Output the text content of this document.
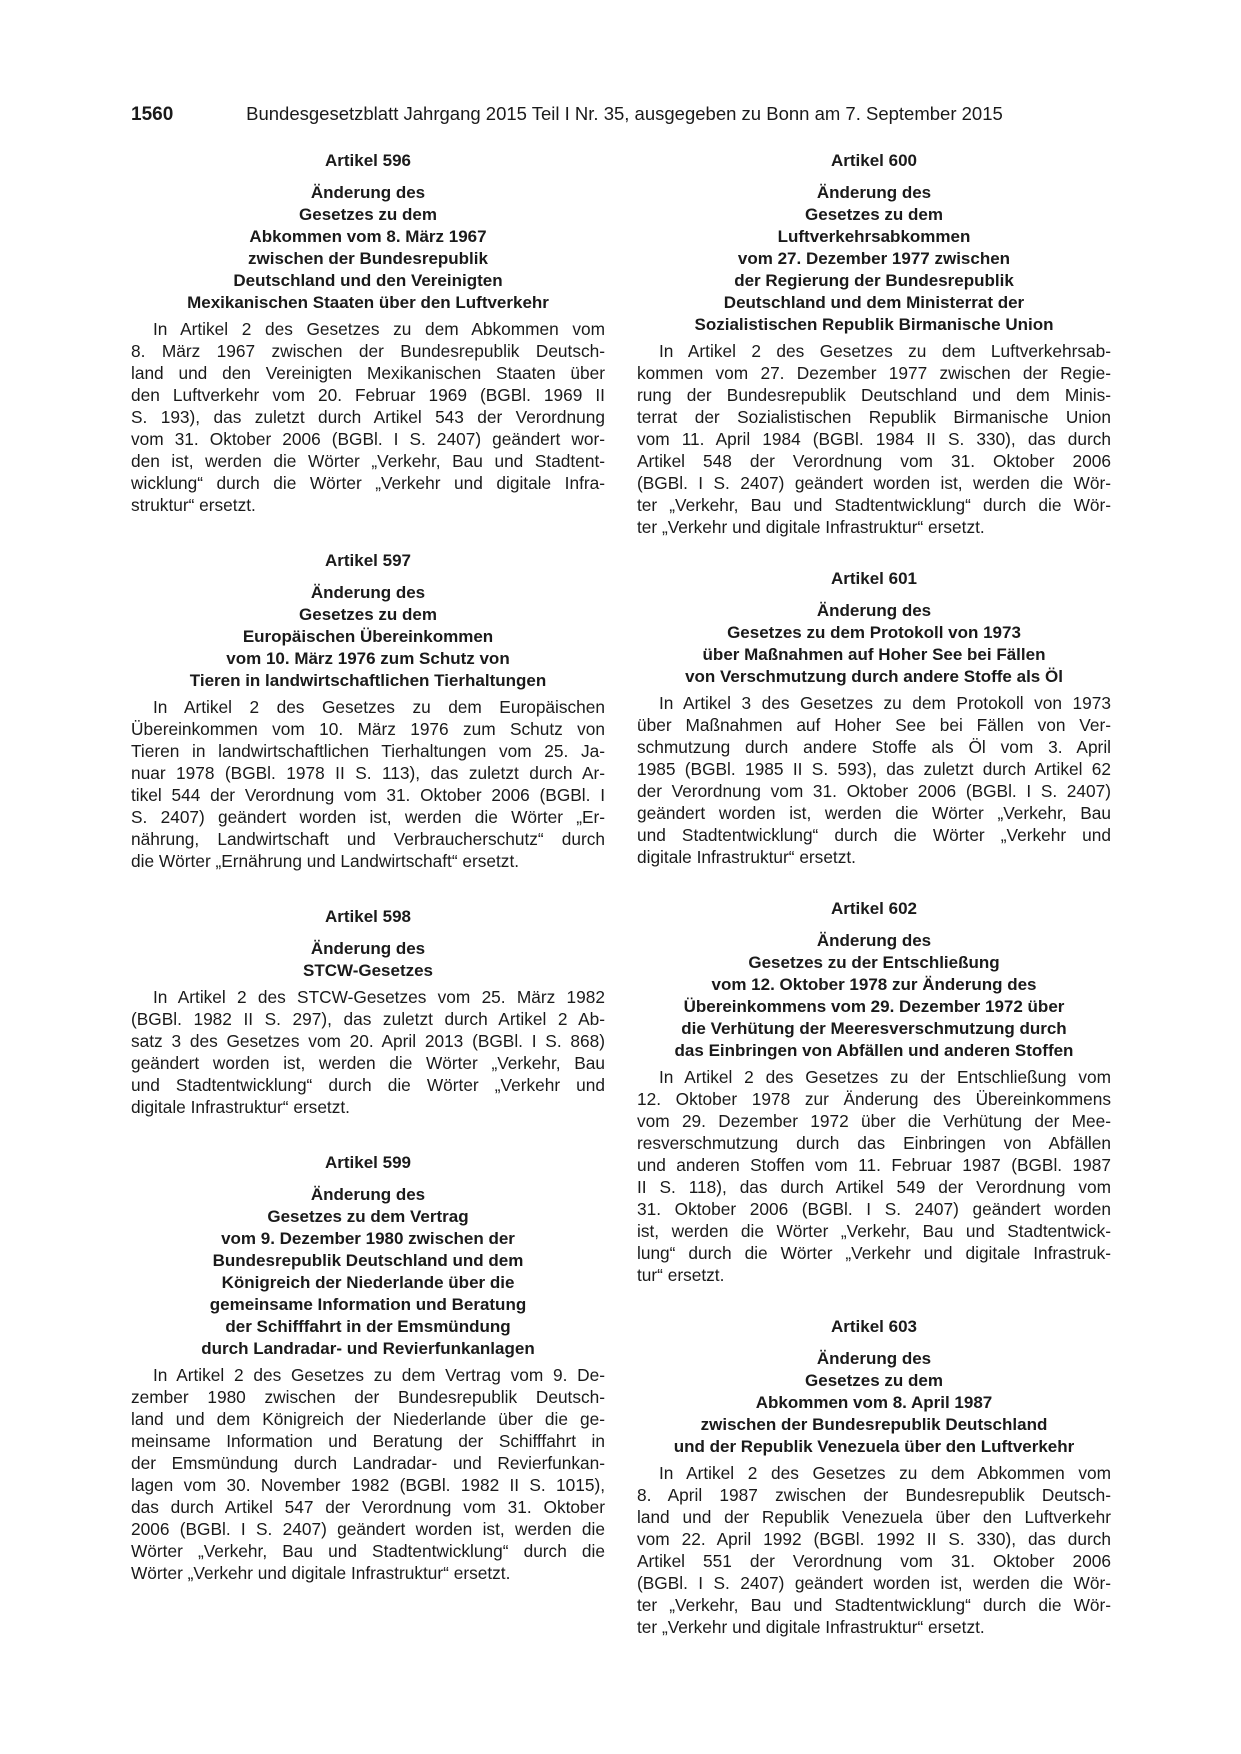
1560	Bundesgesetzblatt Jahrgang 2015 Teil I Nr. 35, ausgegeben zu Bonn am 7. September 2015
Artikel 596
Änderung des
Gesetzes zu dem
Abkommen vom 8. März 1967
zwischen der Bundesrepublik
Deutschland und den Vereinigten
Mexikanischen Staaten über den Luftverkehr
In Artikel 2 des Gesetzes zu dem Abkommen vom
8. März 1967 zwischen der Bundesrepublik Deutsch-
land und den Vereinigten Mexikanischen Staaten über
den Luftverkehr vom 20. Februar 1969 (BGBl. 1969 II
S. 193), das zuletzt durch Artikel 543 der Verordnung
vom 31. Oktober 2006 (BGBl. I S. 2407) geändert wor-
den ist, werden die Wörter „Verkehr, Bau und Stadtent-
wicklung“ durch die Wörter „Verkehr und digitale Infra-
struktur“ ersetzt.
Artikel 597
Änderung des
Gesetzes zu dem
Europäischen Übereinkommen
vom 10. März 1976 zum Schutz von
Tieren in landwirtschaftlichen Tierhaltungen
In Artikel 2 des Gesetzes zu dem Europäischen
Übereinkommen vom 10. März 1976 zum Schutz von
Tieren in landwirtschaftlichen Tierhaltungen vom 25. Ja-
nuar 1978 (BGBl. 1978 II S. 113), das zuletzt durch Ar-
tikel 544 der Verordnung vom 31. Oktober 2006 (BGBl. I
S. 2407) geändert worden ist, werden die Wörter „Er-
nährung, Landwirtschaft und Verbraucherschutz“ durch
die Wörter „Ernährung und Landwirtschaft“ ersetzt.
Artikel 598
Änderung des
STCW-Gesetzes
In Artikel 2 des STCW-Gesetzes vom 25. März 1982
(BGBl. 1982 II S. 297), das zuletzt durch Artikel 2 Ab-
satz 3 des Gesetzes vom 20. April 2013 (BGBl. I S. 868)
geändert worden ist, werden die Wörter „Verkehr, Bau
und Stadtentwicklung“ durch die Wörter „Verkehr und
digitale Infrastruktur“ ersetzt.
Artikel 599
Änderung des
Gesetzes zu dem Vertrag
vom 9. Dezember 1980 zwischen der
Bundesrepublik Deutschland und dem
Königreich der Niederlande über die
gemeinsame Information und Beratung
der Schifffahrt in der Emsmündung
durch Landradar- und Revierfunkanlagen
In Artikel 2 des Gesetzes zu dem Vertrag vom 9. De-
zember 1980 zwischen der Bundesrepublik Deutsch-
land und dem Königreich der Niederlande über die ge-
meinsame Information und Beratung der Schifffahrt in
der Emsmündung durch Landradar- und Revierfunkan-
lagen vom 30. November 1982 (BGBl. 1982 II S. 1015),
das durch Artikel 547 der Verordnung vom 31. Oktober
2006 (BGBl. I S. 2407) geändert worden ist, werden die
Wörter „Verkehr, Bau und Stadtentwicklung“ durch die
Wörter „Verkehr und digitale Infrastruktur“ ersetzt.
Artikel 600
Änderung des
Gesetzes zu dem
Luftverkehrsabkommen
vom 27. Dezember 1977 zwischen
der Regierung der Bundesrepublik
Deutschland und dem Ministerrat der
Sozialistischen Republik Birmanische Union
In Artikel 2 des Gesetzes zu dem Luftverkehrsab-
kommen vom 27. Dezember 1977 zwischen der Regie-
rung der Bundesrepublik Deutschland und dem Minis-
terrat der Sozialistischen Republik Birmanische Union
vom 11. April 1984 (BGBl. 1984 II S. 330), das durch
Artikel 548 der Verordnung vom 31. Oktober 2006
(BGBl. I S. 2407) geändert worden ist, werden die Wör-
ter „Verkehr, Bau und Stadtentwicklung“ durch die Wör-
ter „Verkehr und digitale Infrastruktur“ ersetzt.
Artikel 601
Änderung des
Gesetzes zu dem Protokoll von 1973
über Maßnahmen auf Hoher See bei Fällen
von Verschmutzung durch andere Stoffe als Öl
In Artikel 3 des Gesetzes zu dem Protokoll von 1973
über Maßnahmen auf Hoher See bei Fällen von Ver-
schmutzung durch andere Stoffe als Öl vom 3. April
1985 (BGBl. 1985 II S. 593), das zuletzt durch Artikel 62
der Verordnung vom 31. Oktober 2006 (BGBl. I S. 2407)
geändert worden ist, werden die Wörter „Verkehr, Bau
und Stadtentwicklung“ durch die Wörter „Verkehr und
digitale Infrastruktur“ ersetzt.
Artikel 602
Änderung des
Gesetzes zu der Entschließung
vom 12. Oktober 1978 zur Änderung des
Übereinkommens vom 29. Dezember 1972 über
die Verhütung der Meeresverschmutzung durch
das Einbringen von Abfällen und anderen Stoffen
In Artikel 2 des Gesetzes zu der Entschließung vom
12. Oktober 1978 zur Änderung des Übereinkommens
vom 29. Dezember 1972 über die Verhütung der Mee-
resverschmutzung durch das Einbringen von Abfällen
und anderen Stoffen vom 11. Februar 1987 (BGBl. 1987
II S. 118), das durch Artikel 549 der Verordnung vom
31. Oktober 2006 (BGBl. I S. 2407) geändert worden
ist, werden die Wörter „Verkehr, Bau und Stadtentwick-
lung“ durch die Wörter „Verkehr und digitale Infrastruk-
tur“ ersetzt.
Artikel 603
Änderung des
Gesetzes zu dem
Abkommen vom 8. April 1987
zwischen der Bundesrepublik Deutschland
und der Republik Venezuela über den Luftverkehr
In Artikel 2 des Gesetzes zu dem Abkommen vom
8. April 1987 zwischen der Bundesrepublik Deutsch-
land und der Republik Venezuela über den Luftverkehr
vom 22. April 1992 (BGBl. 1992 II S. 330), das durch
Artikel 551 der Verordnung vom 31. Oktober 2006
(BGBl. I S. 2407) geändert worden ist, werden die Wör-
ter „Verkehr, Bau und Stadtentwicklung“ durch die Wör-
ter „Verkehr und digitale Infrastruktur“ ersetzt.
